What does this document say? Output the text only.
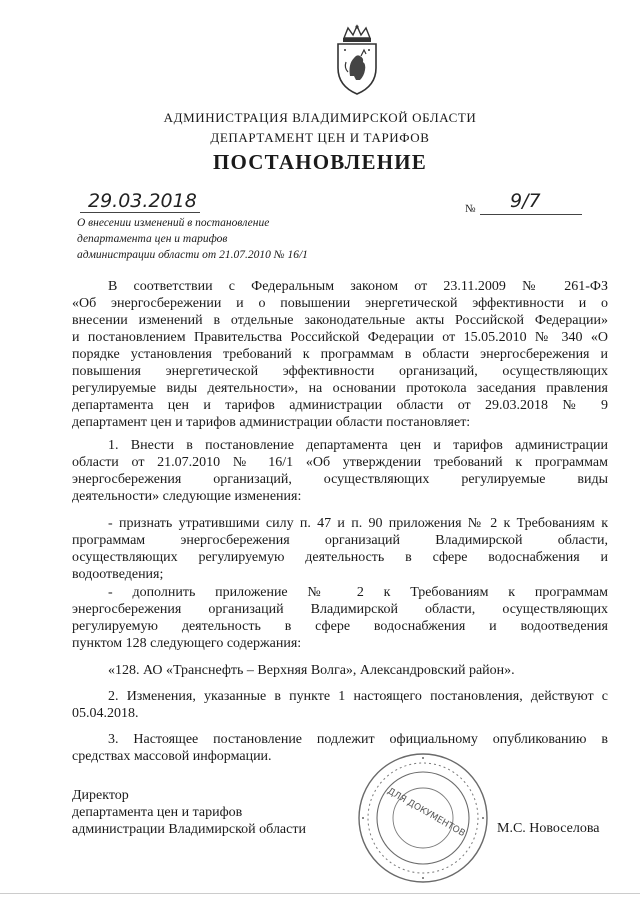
АДМИНИСТРАЦИЯ ВЛАДИМИРСКОЙ ОБЛАСТИ
ДЕПАРТАМЕНТ ЦЕН И ТАРИФОВ
ПОСТАНОВЛЕНИЕ
29.03.2018	№ 9/7
О внесении изменений в постановление
департамента цен и тарифов
администрации области от 21.07.2010 № 16/1
В соответствии с Федеральным законом от 23.11.2009 № 261-ФЗ
«Об энергосбережении и о повышении энергетической эффективности и о
внесении изменений в отдельные законодательные акты Российской Федерации»
и постановлением Правительства Российской Федерации от 15.05.2010 № 340 «О
порядке установления требований к программам в области энергосбережения и
повышения энергетической эффективности организаций, осуществляющих
регулируемые виды деятельности», на основании протокола заседания правления
департамента цен и тарифов администрации области от 29.03.2018 № 9
департамент цен и тарифов администрации области постановляет:
1. Внести в постановление департамента цен и тарифов администрации
области от 21.07.2010 № 16/1 «Об утверждении требований к программам
энергосбережения организаций, осуществляющих регулируемые виды
деятельности» следующие изменения:
- признать утратившими силу п. 47 и п. 90 приложения № 2 к Требованиям к
программам энергосбережения организаций Владимирской области,
осуществляющих регулируемую деятельность в сфере водоснабжения и
водоотведения;
- дополнить приложение № 2 к Требованиям к программам
энергосбережения организаций Владимирской области, осуществляющих
регулируемую деятельность в сфере водоснабжения и водоотведения
пунктом 128 следующего содержания:
«128. АО «Транснефть – Верхняя Волга», Александровский район».
2. Изменения, указанные в пункте 1 настоящего постановления, действуют с
05.04.2018.
3. Настоящее постановление подлежит официальному опубликованию в
средствах массовой информации.
Директор
департамента цен и тарифов
администрации Владимирской области	ДЛЯ ДОКУМЕНТОВ М.С. Новоселова
